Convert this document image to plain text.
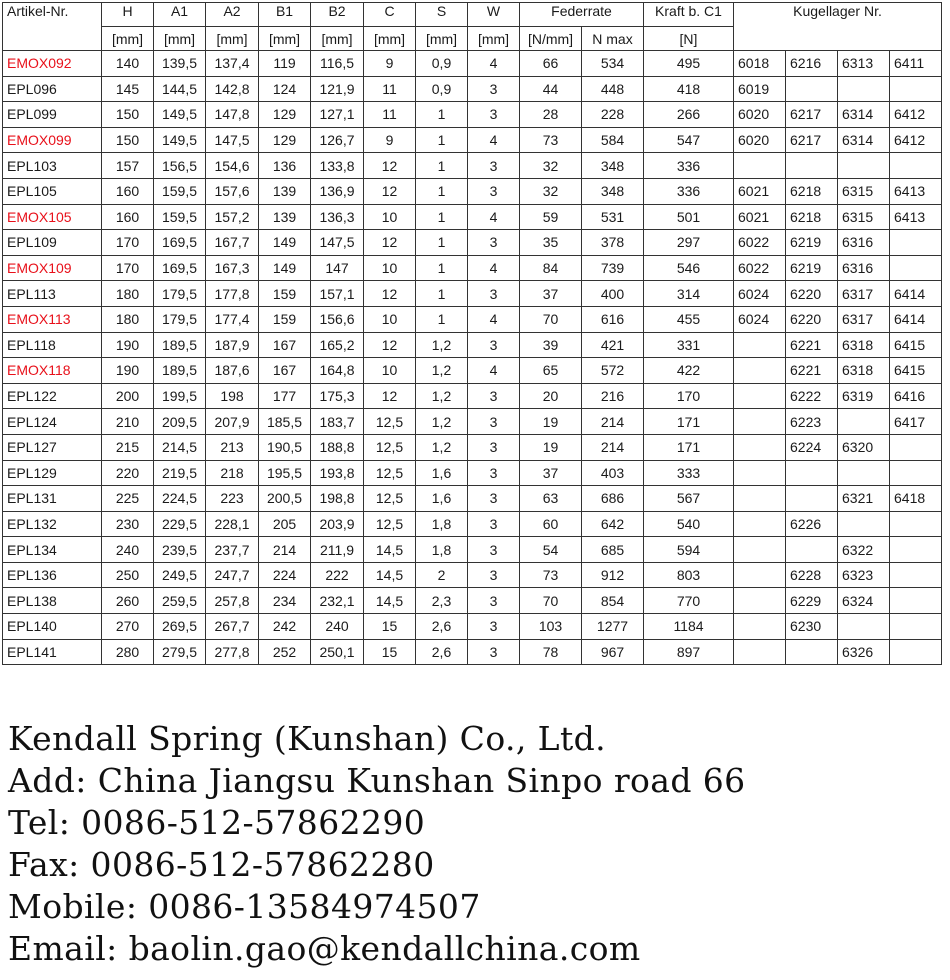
Artikel-Nr.	H	A1	A2	B1	B2	C	S	W	Federrate		Kraft b. C1	Kugellager Nr.			
	[mm]	[mm]	[mm]	[mm]	[mm]	[mm]	[mm]	[mm]	[N/mm]	N max	[N]				
EMOX092	140	139,5	137,4	119	116,5	9	0,9	4	66	534	495	6018	6216	6313	6411
EPL096	145	144,5	142,8	124	121,9	11	0,9	3	44	448	418	6019			
EPL099	150	149,5	147,8	129	127,1	11	1	3	28	228	266	6020	6217	6314	6412
EMOX099	150	149,5	147,5	129	126,7	9	1	4	73	584	547	6020	6217	6314	6412
EPL103	157	156,5	154,6	136	133,8	12	1	3	32	348	336				
EPL105	160	159,5	157,6	139	136,9	12	1	3	32	348	336	6021	6218	6315	6413
EMOX105	160	159,5	157,2	139	136,3	10	1	4	59	531	501	6021	6218	6315	6413
EPL109	170	169,5	167,7	149	147,5	12	1	3	35	378	297	6022	6219	6316	
EMOX109	170	169,5	167,3	149	147	10	1	4	84	739	546	6022	6219	6316	
EPL113	180	179,5	177,8	159	157,1	12	1	3	37	400	314	6024	6220	6317	6414
EMOX113	180	179,5	177,4	159	156,6	10	1	4	70	616	455	6024	6220	6317	6414
EPL118	190	189,5	187,9	167	165,2	12	1,2	3	39	421	331		6221	6318	6415
EMOX118	190	189,5	187,6	167	164,8	10	1,2	4	65	572	422		6221	6318	6415
EPL122	200	199,5	198	177	175,3	12	1,2	3	20	216	170		6222	6319	6416
EPL124	210	209,5	207,9	185,5	183,7	12,5	1,2	3	19	214	171		6223		6417
EPL127	215	214,5	213	190,5	188,8	12,5	1,2	3	19	214	171		6224	6320	
EPL129	220	219,5	218	195,5	193,8	12,5	1,6	3	37	403	333				
EPL131	225	224,5	223	200,5	198,8	12,5	1,6	3	63	686	567			6321	6418
EPL132	230	229,5	228,1	205	203,9	12,5	1,8	3	60	642	540		6226		
EPL134	240	239,5	237,7	214	211,9	14,5	1,8	3	54	685	594			6322	
EPL136	250	249,5	247,7	224	222	14,5	2	3	73	912	803		6228	6323	
EPL138	260	259,5	257,8	234	232,1	14,5	2,3	3	70	854	770		6229	6324	
EPL140	270	269,5	267,7	242	240	15	2,6	3	103	1277	1184		6230		
EPL141	280	279,5	277,8	252	250,1	15	2,6	3	78	967	897			6326	
Kendall Spring (Kunshan) Co., Ltd.
Add: China Jiangsu Kunshan Sinpo road 66
Tel: 0086-512-57862290
Fax: 0086-512-57862280
Mobile: 0086-13584974507
Email: baolin.gao@kendallchina.com
